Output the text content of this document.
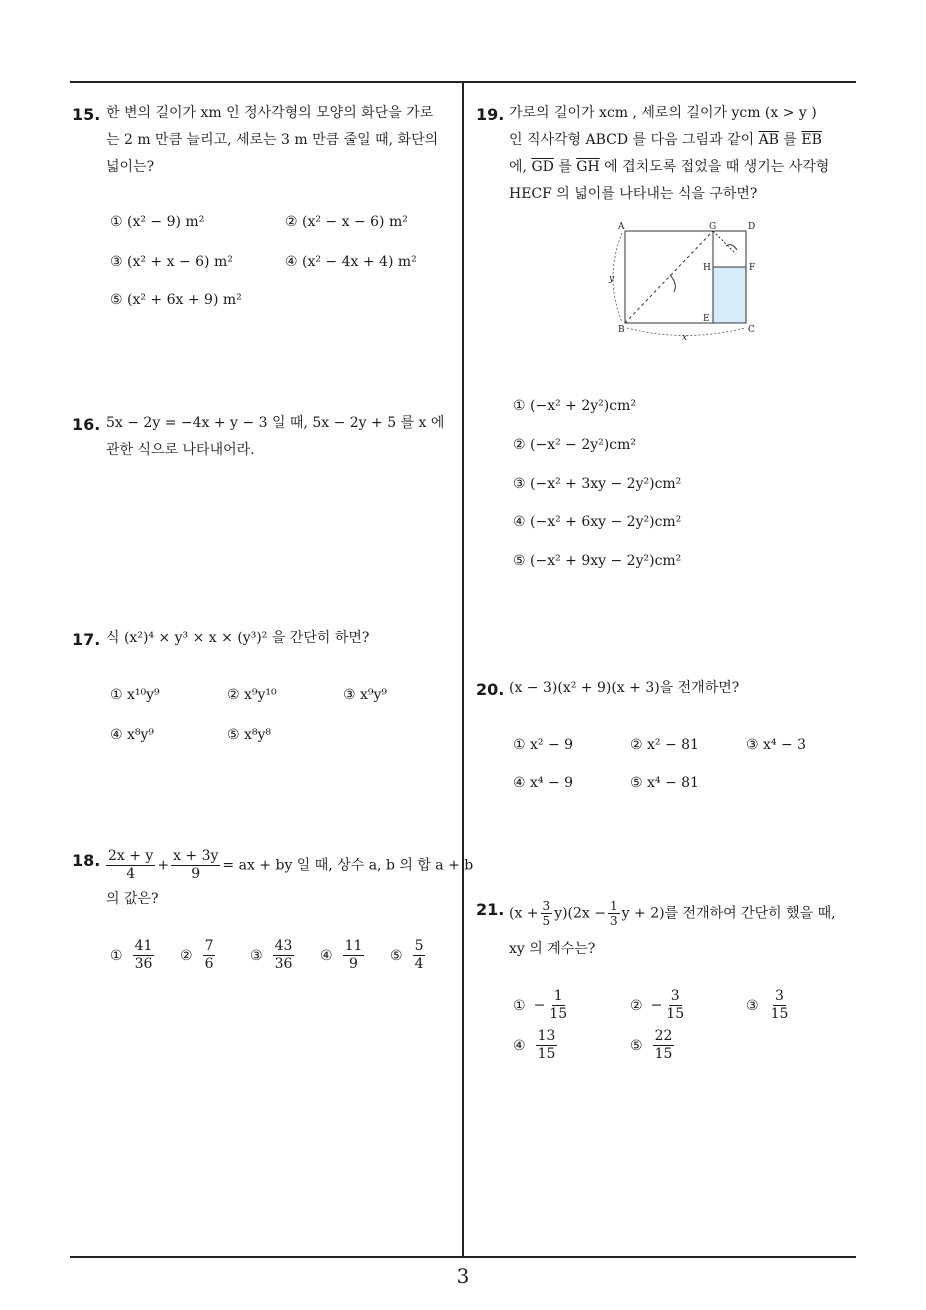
15. 한 변의 길이가 xm 인 정사각형의 모양의 화단을 가로
는 2 m 만큼 늘리고, 세로는 3 m 만큼 줄일 때, 화단의
넓이는?
① (x² − 9) m²	② (x² − x − 6) m²
③ (x² + x − 6) m²	④ (x² − 4x + 4) m²
⑤ (x² + 6x + 9) m²
16. 5x − 2y = −4x + y − 3 일 때, 5x − 2y + 5 를 x 에
관한 식으로 나타내어라.
17. 식 (x²)⁴ × y³ × x × (y³)² 을 간단히 하면?
① x¹⁰y⁹	② x⁹y¹⁰	③ x⁹y⁹
④ x⁸y⁹	⑤ x⁸y⁸
18. $\frac{2x + y}{4} + \frac{x + 3y}{9}$ = ax + by 일 때, 상수 a, b 의 합 a + b
의 값은?
① $\frac{41}{36}$ ② $\frac{7}{6}$ ③ $\frac{43}{36}$ ④ $\frac{11}{9}$ ⑤ $\frac{5}{4}$
19. 가로의 길이가 xcm , 세로의 길이가 ycm (x > y )
인 직사각형 ABCD 를 다음 그림과 같이 $\overline{AB}$ 를 $\overline{EB}$
에, $\overline{GD}$ 를 $\overline{GH}$ 에 겹치도록 접었을 때 생기는 사각형
HECF 의 넓이를 나타내는 식을 구하면?
A	G	D
H	F
E
B	C
x
y
① (−x² + 2y²)cm²
② (−x² − 2y²)cm²
③ (−x² + 3xy − 2y²)cm²
④ (−x² + 6xy − 2y²)cm²
⑤ (−x² + 9xy − 2y²)cm²
20. (x − 3)(x² + 9)(x + 3)을 전개하면?
① x² − 9	② x² − 81	③ x⁴ − 3
④ x⁴ − 9	⑤ x⁴ − 81
21. $(x + \frac{3}{5} y)(2x - \frac{1}{3}$ y + 2)를 전개하여 간단히 했을 때,
xy 의 계수는?
① − $\frac{1}{15}$	② − $\frac{3}{15}$	③ $\frac{3}{15}$
④ $\frac{13}{15}$	⑤ $\frac{22}{15}$
3
